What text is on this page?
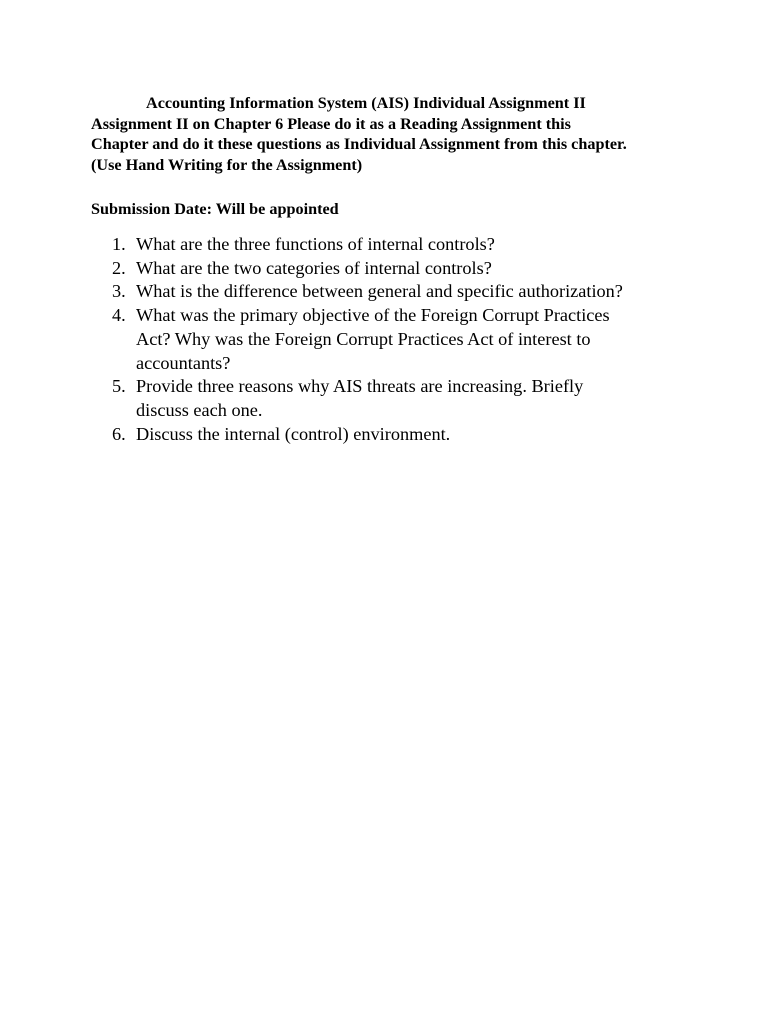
Accounting Information System (AIS) Individual Assignment II
Assignment II on Chapter 6 Please do it as a Reading Assignment this
Chapter and do it these questions as Individual Assignment from this chapter.
(Use Hand Writing for the Assignment)
Submission Date: Will be appointed
1. What are the three functions of internal controls?
2. What are the two categories of internal controls?
3. What is the difference between general and specific authorization?
4. What was the primary objective of the Foreign Corrupt Practices
Act? Why was the Foreign Corrupt Practices Act of interest to
accountants?
5. Provide three reasons why AIS threats are increasing. Briefly
discuss each one.
6. Discuss the internal (control) environment.
